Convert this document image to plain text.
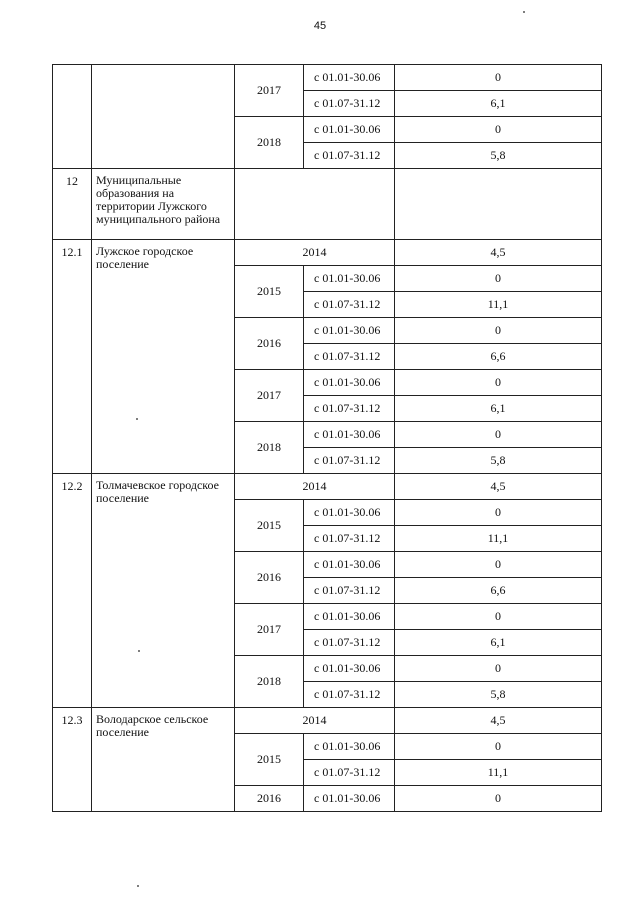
45
		2017	с 01.01-30.06	0
			с 01.07-31.12	6,1
		2018	с 01.01-30.06	0
			с 01.07-31.12	5,8
12	Муниципальные образования на территории Лужского муниципального района			
12.1	Лужское городское поселение	2014		4,5
		2015	с 01.01-30.06	0
			с 01.07-31.12	11,1
		2016	с 01.01-30.06	0
			с 01.07-31.12	6,6
		2017	с 01.01-30.06	0
			с 01.07-31.12	6,1
		2018	с 01.01-30.06	0
			с 01.07-31.12	5,8
12.2	Толмачевское городское поселение	2014		4,5
		2015	с 01.01-30.06	0
			с 01.07-31.12	11,1
		2016	с 01.01-30.06	0
			с 01.07-31.12	6,6
		2017	с 01.01-30.06	0
			с 01.07-31.12	6,1
		2018	с 01.01-30.06	0
			с 01.07-31.12	5,8
12.3	Володарское сельское поселение	2014		4,5
		2015	с 01.01-30.06	0
			с 01.07-31.12	11,1
		2016	с 01.01-30.06	0
